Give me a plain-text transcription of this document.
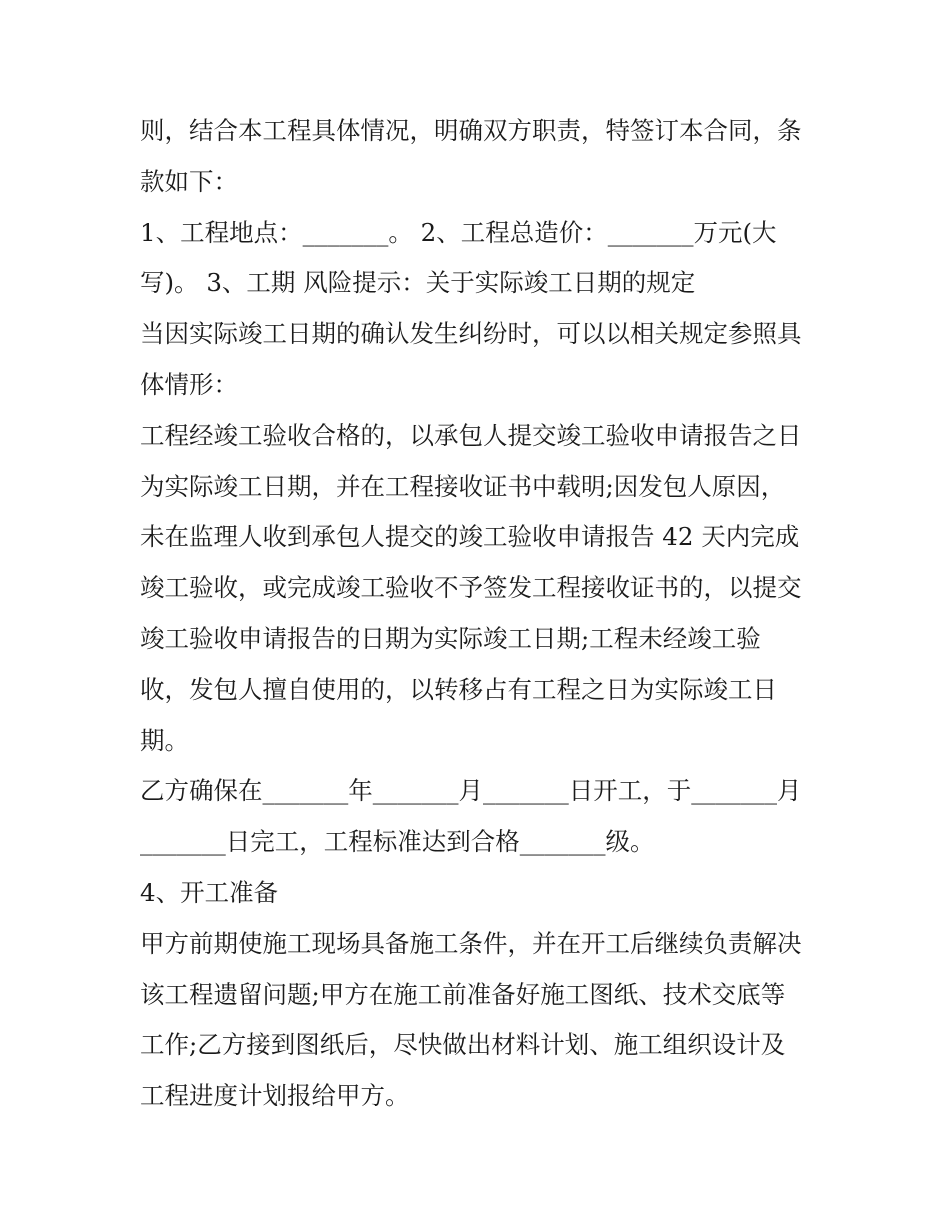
则，结合本工程具体情况，明确双方职责，特签订本合同，条
款如下：
1、工程地点：_______。 2、工程总造价：_______万元(大
写)。 3、工期 风险提示：关于实际竣工日期的规定
当因实际竣工日期的确认发生纠纷时，可以以相关规定参照具
体情形：
工程经竣工验收合格的，以承包人提交竣工验收申请报告之日
为实际竣工日期，并在工程接收证书中载明;因发包人原因，
未在监理人收到承包人提交的竣工验收申请报告 42 天内完成
竣工验收，或完成竣工验收不予签发工程接收证书的，以提交
竣工验收申请报告的日期为实际竣工日期;工程未经竣工验
收，发包人擅自使用的，以转移占有工程之日为实际竣工日
期。
乙方确保在_______年_______月_______日开工，于_______月
_______日完工，工程标准达到合格_______级。
4、开工准备
甲方前期使施工现场具备施工条件，并在开工后继续负责解决
该工程遗留问题;甲方在施工前准备好施工图纸、技术交底等
工作;乙方接到图纸后，尽快做出材料计划、施工组织设计及
工程进度计划报给甲方。
